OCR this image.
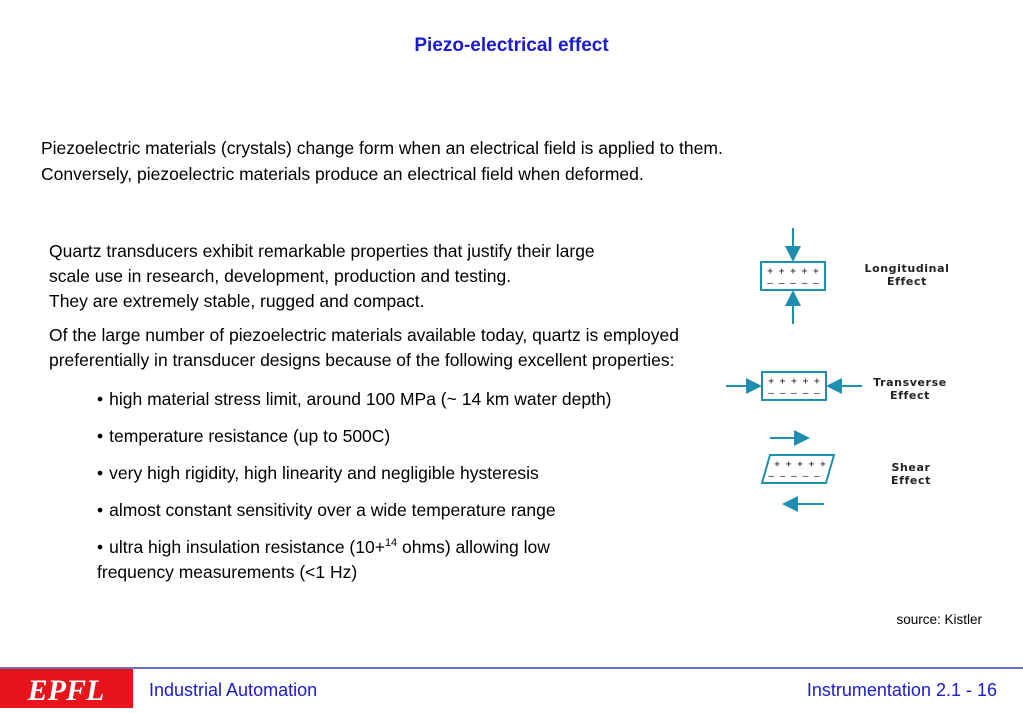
Piezo-electrical effect
Piezoelectric materials (crystals) change form when an electrical field is applied to them.
Conversely, piezoelectric materials produce an electrical field when deformed.

Quartz transducers exhibit remarkable properties that justify their large
scale use in research, development, production and testing.
They are extremely stable, rugged and compact.

Of the large number of piezoelectric materials available today, quartz is employed preferentially in transducer designs because of the following excellent properties:

• high material stress limit, around 100 MPa (~ 14 km water depth)
• temperature resistance (up to 500C)
• very high rigidity, high linearity and negligible hysteresis
• almost constant sensitivity over a wide temperature range
• ultra high insulation resistance (10+$^{14}$ ohms) allowing low
frequency measurements (<1 Hz)
+ + + + +
– – – – –
Longitudinal
Effect
+ + + + +
– – – – –
Transverse
Effect
+ + + + +
– – – – –
Shear
Effect
source: Kistler
EPFL Industrial Automation	Instrumentation 2.1 - 16
